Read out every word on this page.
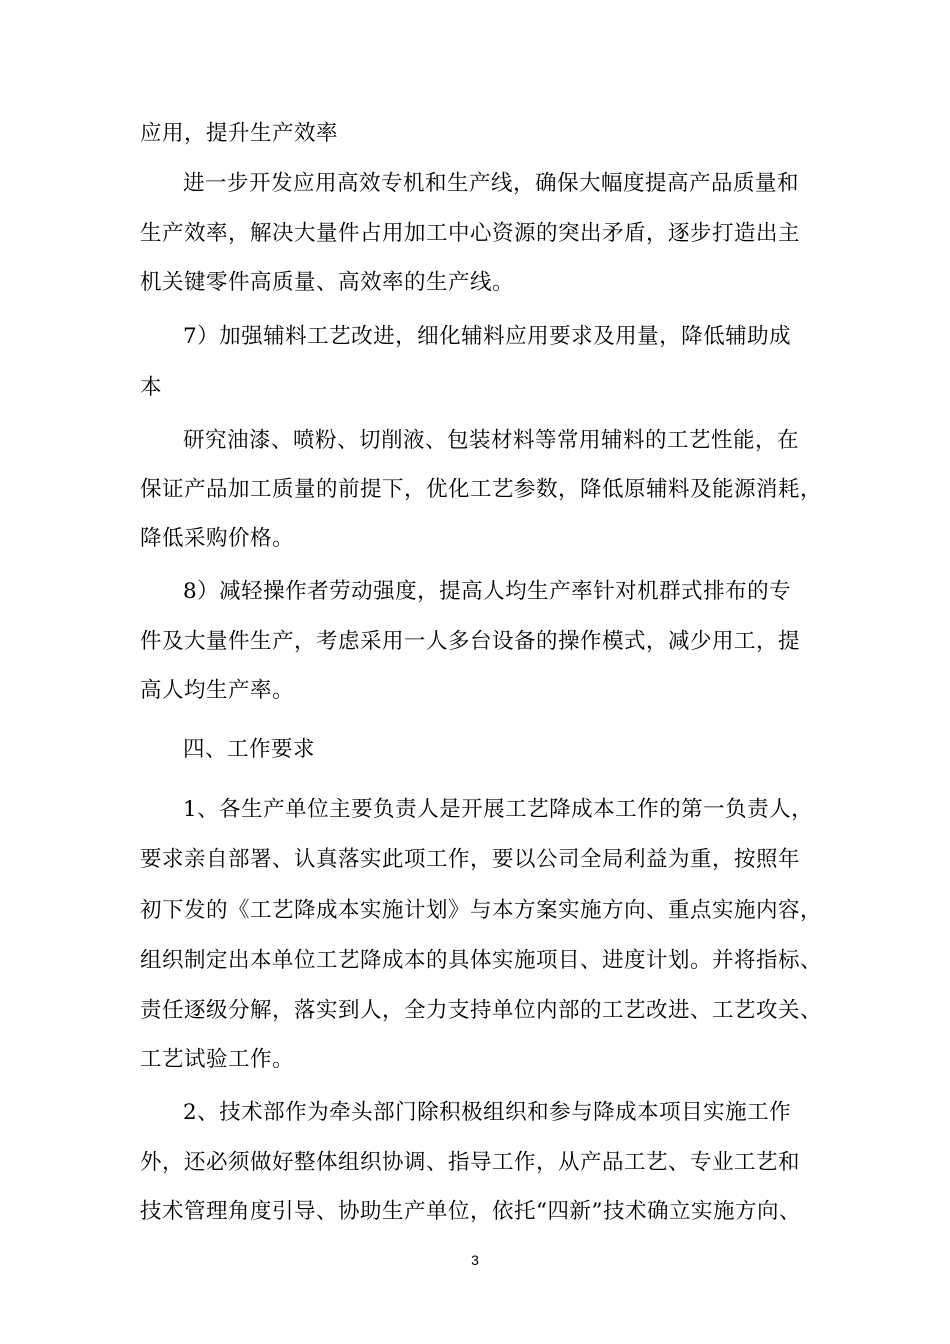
应用，提升生产效率
进一步开发应用高效专机和生产线，确保大幅度提高产品质量和
生产效率，解决大量件占用加工中心资源的突出矛盾，逐步打造出主
机关键零件高质量、高效率的生产线。
7）加强辅料工艺改进，细化辅料应用要求及用量，降低辅助成
本
研究油漆、喷粉、切削液、包装材料等常用辅料的工艺性能，在
保证产品加工质量的前提下，优化工艺参数，降低原辅料及能源消耗，
降低采购价格。
8）减轻操作者劳动强度，提高人均生产率针对机群式排布的专
件及大量件生产，考虑采用一人多台设备的操作模式，减少用工，提
高人均生产率。
四、工作要求
1、各生产单位主要负责人是开展工艺降成本工作的第一负责人，
要求亲自部署、认真落实此项工作，要以公司全局利益为重，按照年
初下发的《工艺降成本实施计划》与本方案实施方向、重点实施内容，
组织制定出本单位工艺降成本的具体实施项目、进度计划。并将指标、
责任逐级分解，落实到人，全力支持单位内部的工艺改进、工艺攻关、
工艺试验工作。
2、技术部作为牵头部门除积极组织和参与降成本项目实施工作
外，还必须做好整体组织协调、指导工作，从产品工艺、专业工艺和
技术管理角度引导、协助生产单位，依托“四新”技术确立实施方向、
3
